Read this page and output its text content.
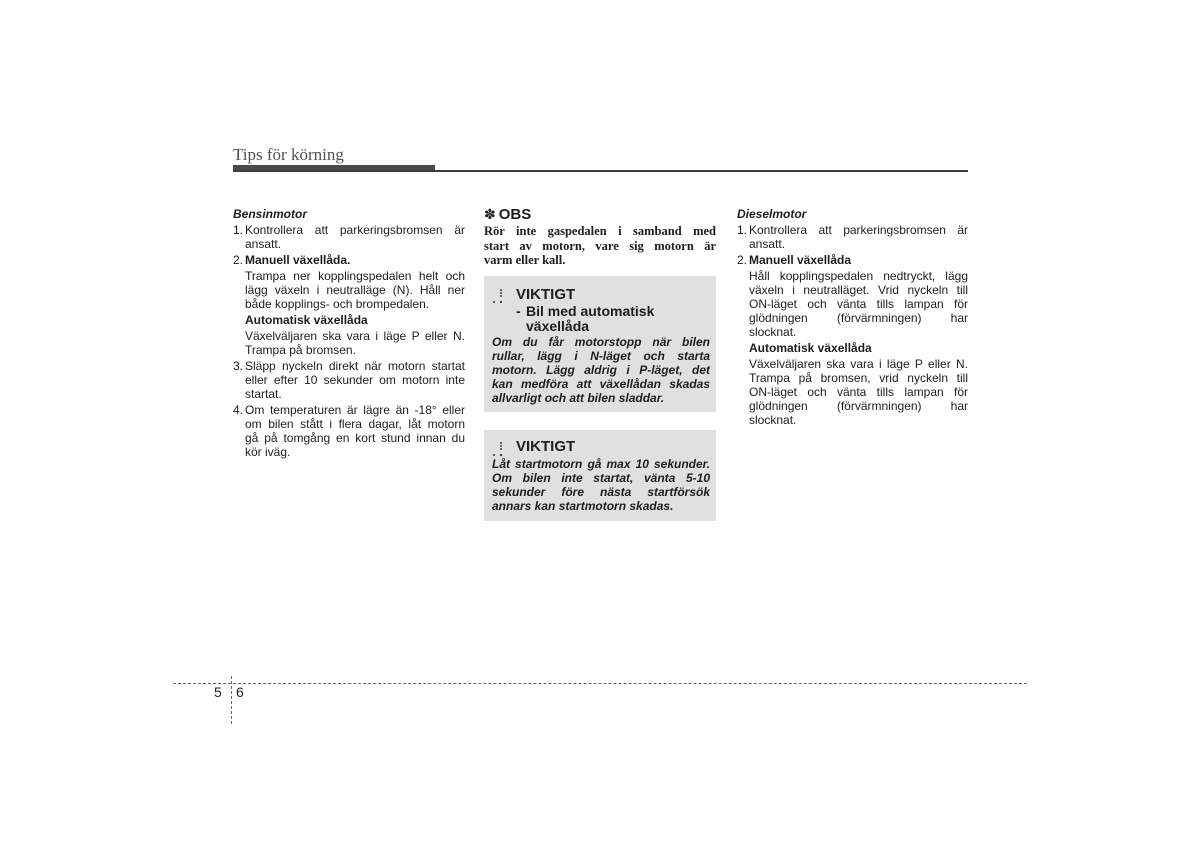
Tips för körning
Bensinmotor
1. Kontrollera att parkeringsbromsen är
ansatt.
2. Manuell växellåda.
Trampa ner kopplingspedalen helt och
lägg växeln i neutralläge (N). Håll ner
både kopplings- och brompedalen.
Automatisk växellåda
Växelväljaren ska vara i läge P eller N.
Trampa på bromsen.
3. Släpp nyckeln direkt när motorn startat
eller efter 10 sekunder om motorn inte
startat.
4. Om temperaturen är lägre än -18° eller
om bilen stått i flera dagar, låt motorn
gå på tomgång en kort stund innan du
kör iväg.
✽ OBS
Rör inte gaspedalen i samband med
start av motorn, vare sig motorn är
varm eller kall.
VIKTIGT
- Bil med automatisk
växellåda
Om du får motorstopp när bilen
rullar, lägg i N-läget och starta
motorn. Lägg aldrig i P-läget, det
kan medföra att växellådan skadas
allvarligt och att bilen sladdar.
VIKTIGT
Låt startmotorn gå max 10 sekunder.
Om bilen inte startat, vänta 5-10
sekunder före nästa startförsök
annars kan startmotorn skadas.
Dieselmotor
1. Kontrollera att parkeringsbromsen är
ansatt.
2. Manuell växellåda
Håll kopplingspedalen nedtryckt, lägg
växeln i neutralläget. Vrid nyckeln till
ON-läget och vänta tills lampan för
glödningen (förvärmningen) har
slocknat.
Automatisk växellåda
Växelväljaren ska vara i läge P eller N.
Trampa på bromsen, vrid nyckeln till
ON-läget och vänta tills lampan för
glödningen (förvärmningen) har
slocknat.
5 6
